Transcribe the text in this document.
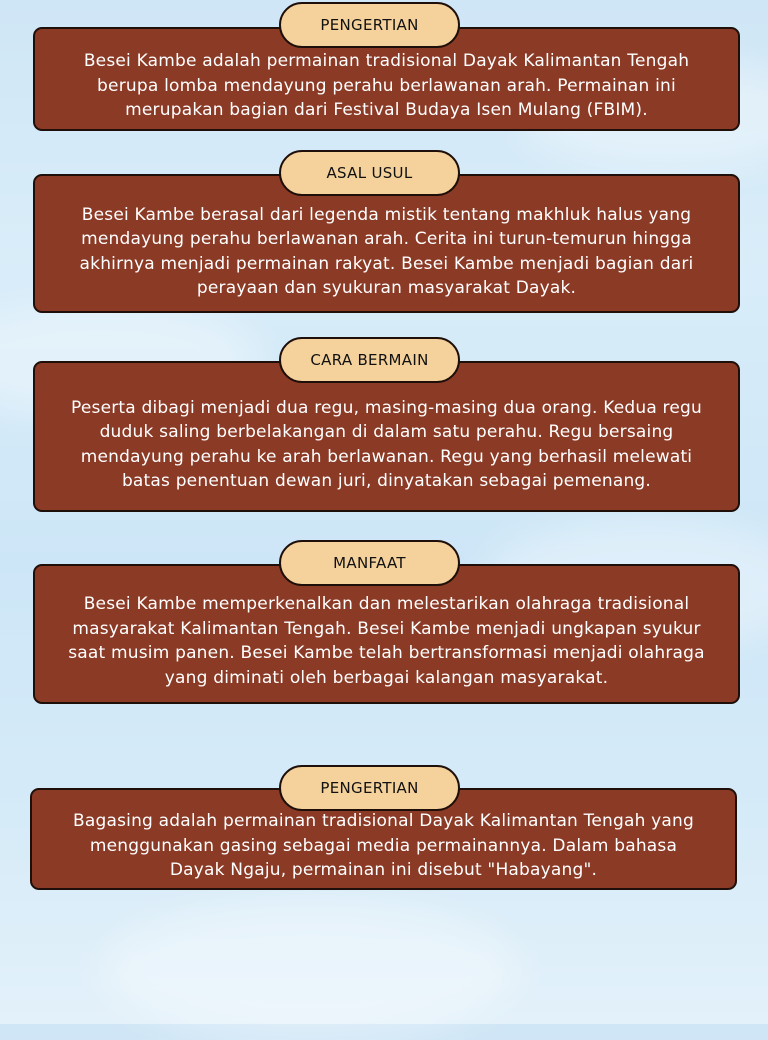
PENGERTIAN

Besei Kambe adalah permainan tradisional Dayak Kalimantan Tengah berupa lomba mendayung perahu berlawanan arah. Permainan ini merupakan bagian dari Festival Budaya Isen Mulang (FBIM).

ASAL USUL

Besei Kambe berasal dari legenda mistik tentang makhluk halus yang mendayung perahu berlawanan arah. Cerita ini turun-temurun hingga akhirnya menjadi permainan rakyat. Besei Kambe menjadi bagian dari perayaan dan syukuran masyarakat Dayak.

CARA BERMAIN

Peserta dibagi menjadi dua regu, masing-masing dua orang. Kedua regu duduk saling berbelakangan di dalam satu perahu. Regu bersaing mendayung perahu ke arah berlawanan. Regu yang berhasil melewati batas penentuan dewan juri, dinyatakan sebagai pemenang.

MANFAAT

Besei Kambe memperkenalkan dan melestarikan olahraga tradisional masyarakat Kalimantan Tengah. Besei Kambe menjadi ungkapan syukur saat musim panen. Besei Kambe telah bertransformasi menjadi olahraga yang diminati oleh berbagai kalangan masyarakat.

PENGERTIAN

Bagasing adalah permainan tradisional Dayak Kalimantan Tengah yang menggunakan gasing sebagai media permainannya. Dalam bahasa Dayak Ngaju, permainan ini disebut "Habayang".
